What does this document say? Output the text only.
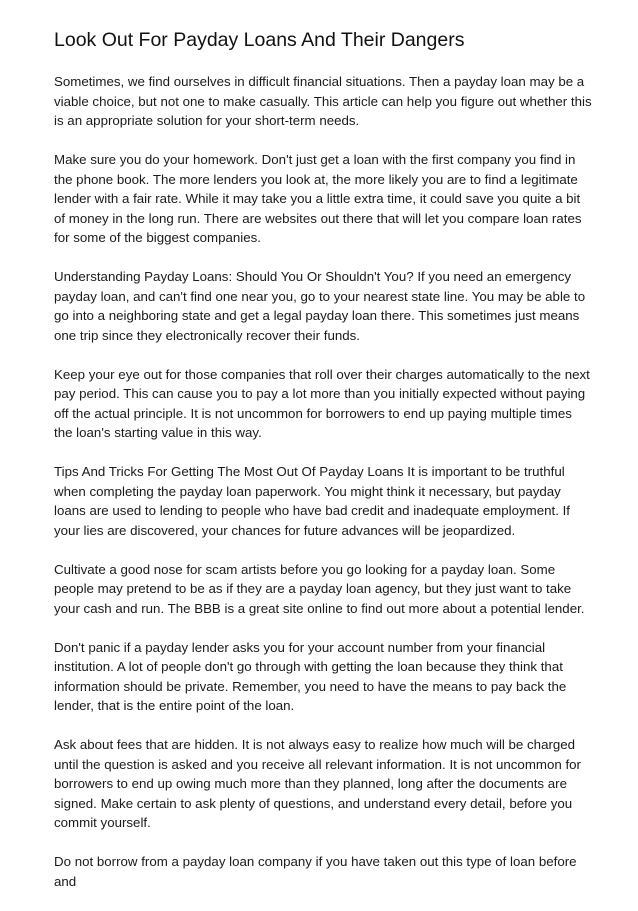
Look Out For Payday Loans And Their Dangers

Sometimes, we find ourselves in difficult financial situations. Then a payday loan may be a viable choice, but not one to make casually. This article can help you figure out whether this is an appropriate solution for your short-term needs.

Make sure you do your homework. Don't just get a loan with the first company you find in the phone book. The more lenders you look at, the more likely you are to find a legitimate lender with a fair rate. While it may take you a little extra time, it could save you quite a bit of money in the long run. There are websites out there that will let you compare loan rates for some of the biggest companies.

Understanding Payday Loans: Should You Or Shouldn't You? If you need an emergency payday loan, and can't find one near you, go to your nearest state line. You may be able to go into a neighboring state and get a legal payday loan there. This sometimes just means one trip since they electronically recover their funds.

Keep your eye out for those companies that roll over their charges automatically to the next pay period. This can cause you to pay a lot more than you initially expected without paying off the actual principle. It is not uncommon for borrowers to end up paying multiple times the loan's starting value in this way.

Tips And Tricks For Getting The Most Out Of Payday Loans It is important to be truthful when completing the payday loan paperwork. You might think it necessary, but payday loans are used to lending to people who have bad credit and inadequate employment. If your lies are discovered, your chances for future advances will be jeopardized.

Cultivate a good nose for scam artists before you go looking for a payday loan. Some people may pretend to be as if they are a payday loan agency, but they just want to take your cash and run. The BBB is a great site online to find out more about a potential lender.

Don't panic if a payday lender asks you for your account number from your financial institution. A lot of people don't go through with getting the loan because they think that information should be private. Remember, you need to have the means to pay back the lender, that is the entire point of the loan.

Ask about fees that are hidden. It is not always easy to realize how much will be charged until the question is asked and you receive all relevant information. It is not uncommon for borrowers to end up owing much more than they planned, long after the documents are signed. Make certain to ask plenty of questions, and understand every detail, before you commit yourself.

Do not borrow from a payday loan company if you have taken out this type of loan before and
